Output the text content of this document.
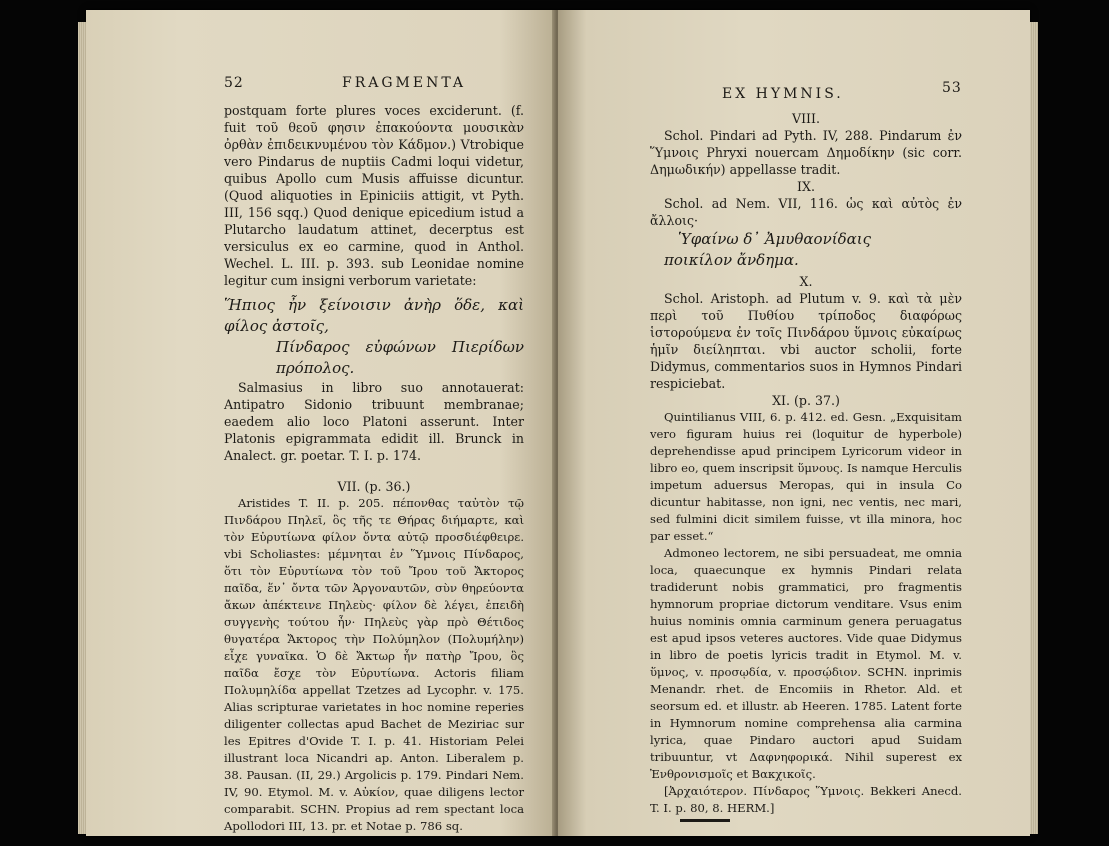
52	FRAGMENTA

postquam forte plures voces exciderunt. (f. fuit τοῦ θεοῦ φησιν ἐπακούοντα μουσικὰν ὀρθὰν ἐπιδεικνυμένου τὸν Κάδμον.) Vtrobique vero Pindarus de nuptiis Cadmi loqui videtur, quibus Apollo cum Musis affuisse dicuntur. (Quod aliquoties in Epiniciis attigit, vt Pyth. III, 156 sqq.) Quod denique epicedium istud a Plutarcho laudatum attinet, decerptus est versiculus ex eo carmine, quod in Anthol. Wechel. L. III. p. 393. sub Leonidae nomine legitur cum insigni verborum varietate:

Ἥπιος ἦν ξείνοισιν ἀνὴρ ὅδε, καὶ φίλος ἀστοῖς,

Πίνδαρος εὐφώνων Πιερίδων πρόπολος.

Salmasius in libro suo annotauerat: Antipatro Sidonio tribuunt membranae; eaedem alio loco Platoni asserunt. Inter Platonis epigrammata edidit ill. Brunck in Analect. gr. poetar. T. I. p. 174.

VII. (p. 36.)

Aristides T. II. p. 205. πέπονθας ταὐτὸν τῷ Πινδάρου Πηλεῖ, ὃς τῆς τε Θήρας διήμαρτε, καὶ τὸν Εὐρυτίωνα φίλον ὄντα αὐτῷ προσδιέφθειρε. vbi Scholiastes: μέμνηται ἐν Ὕμνοις Πίνδαρος, ὅτι τὸν Εὐρυτίωνα τὸν τοῦ Ἴρου τοῦ Ἄκτορος παῖδα, ἕν᾽ ὄντα τῶν Ἀργοναυτῶν, σὺν θηρεύοντα ἄκων ἀπέκτεινε Πηλεὺς· φίλον δὲ λέγει, ἐπειδὴ συγγενὴς τούτου ἦν· Πηλεὺς γὰρ πρὸ Θέτιδος θυγατέρα Ἄκτορος τὴν Πολύμηλον (Πολυμήλην) εἶχε γυναῖκα. Ὁ δὲ Ἄκτωρ ἦν πατὴρ Ἴρου, ὃς παῖδα ἔσχε τὸν Εὐρυτίωνα. Actoris filiam Πολυμηλίδα appellat Tzetzes ad Lycophr. v. 175. Alias scripturae varietates in hoc nomine reperies diligenter collectas apud Bachet de Meziriac sur les Epitres d'Ovide T. I. p. 41. Historiam Pelei illustrant loca Nicandri ap. Anton. Liberalem p. 38. Pausan. (II, 29.) Argolicis p. 179. Pindari Nem. IV, 90. Etymol. M. v. Αὐκίον, quae diligens lector comparabit. SCHN. Propius ad rem spectant loca Apollodori III, 13. pr. et Notae p. 786 sq.

EX HYMNIS.	53

VIII.

Schol. Pindari ad Pyth. IV, 288. Pindarum ἐν Ὕμνοις Phryxi nouercam Δημοδίκην (sic corr. Δημωδικήν) appellasse tradit.

IX.

Schol. ad Nem. VII, 116. ὡς καὶ αὐτὸς ἐν ἄλλοις·

Ὑφαίνω δ᾽ Ἀμυθαονίδαις

ποικίλον ἄνδημα.

X.

Schol. Aristoph. ad Plutum v. 9. καὶ τὰ μὲν περὶ τοῦ Πυθίου τρίποδος διαφόρως ἱστορούμενα ἐν τοῖς Πινδάρου ὕμνοις εὐκαίρως ἡμῖν διείληπται. vbi auctor scholii, forte Didymus, commentarios suos in Hymnos Pindari respiciebat.

XI. (p. 37.)

Quintilianus VIII, 6. p. 412. ed. Gesn. „Exquisitam vero figuram huius rei (loquitur de hyperbole) deprehendisse apud principem Lyricorum videor in libro eo, quem inscripsit ὕμνους. Is namque Herculis impetum aduersus Meropas, qui in insula Co dicuntur habitasse, non igni, nec ventis, nec mari, sed fulmini dicit similem fuisse, vt illa minora, hoc par esset.“

Admoneo lectorem, ne sibi persuadeat, me omnia loca, quaecunque ex hymnis Pindari relata tradiderunt nobis grammatici, pro fragmentis hymnorum propriae dictorum venditare. Vsus enim huius nominis omnia carminum genera peruagatus est apud ipsos veteres auctores. Vide quae Didymus in libro de poetis lyricis tradit in Etymol. M. v. ὕμνος, v. προσῳδία, v. προσῴδιον. SCHN. inprimis Menandr. rhet. de Encomiis in Rhetor. Ald. et seorsum ed. et illustr. ab Heeren. 1785. Latent forte in Hymnorum nomine comprehensa alia carmina lyrica, quae Pindaro auctori apud Suidam tribuuntur, vt Δαφνηφορικά. Nihil superest ex Ἐνθρονισμοῖς et Βακχικοῖς.

[Ἀρχαιότερον. Πίνδαρος Ὕμνοις. Bekkeri Anecd. T. I. p. 80, 8. HERM.]
